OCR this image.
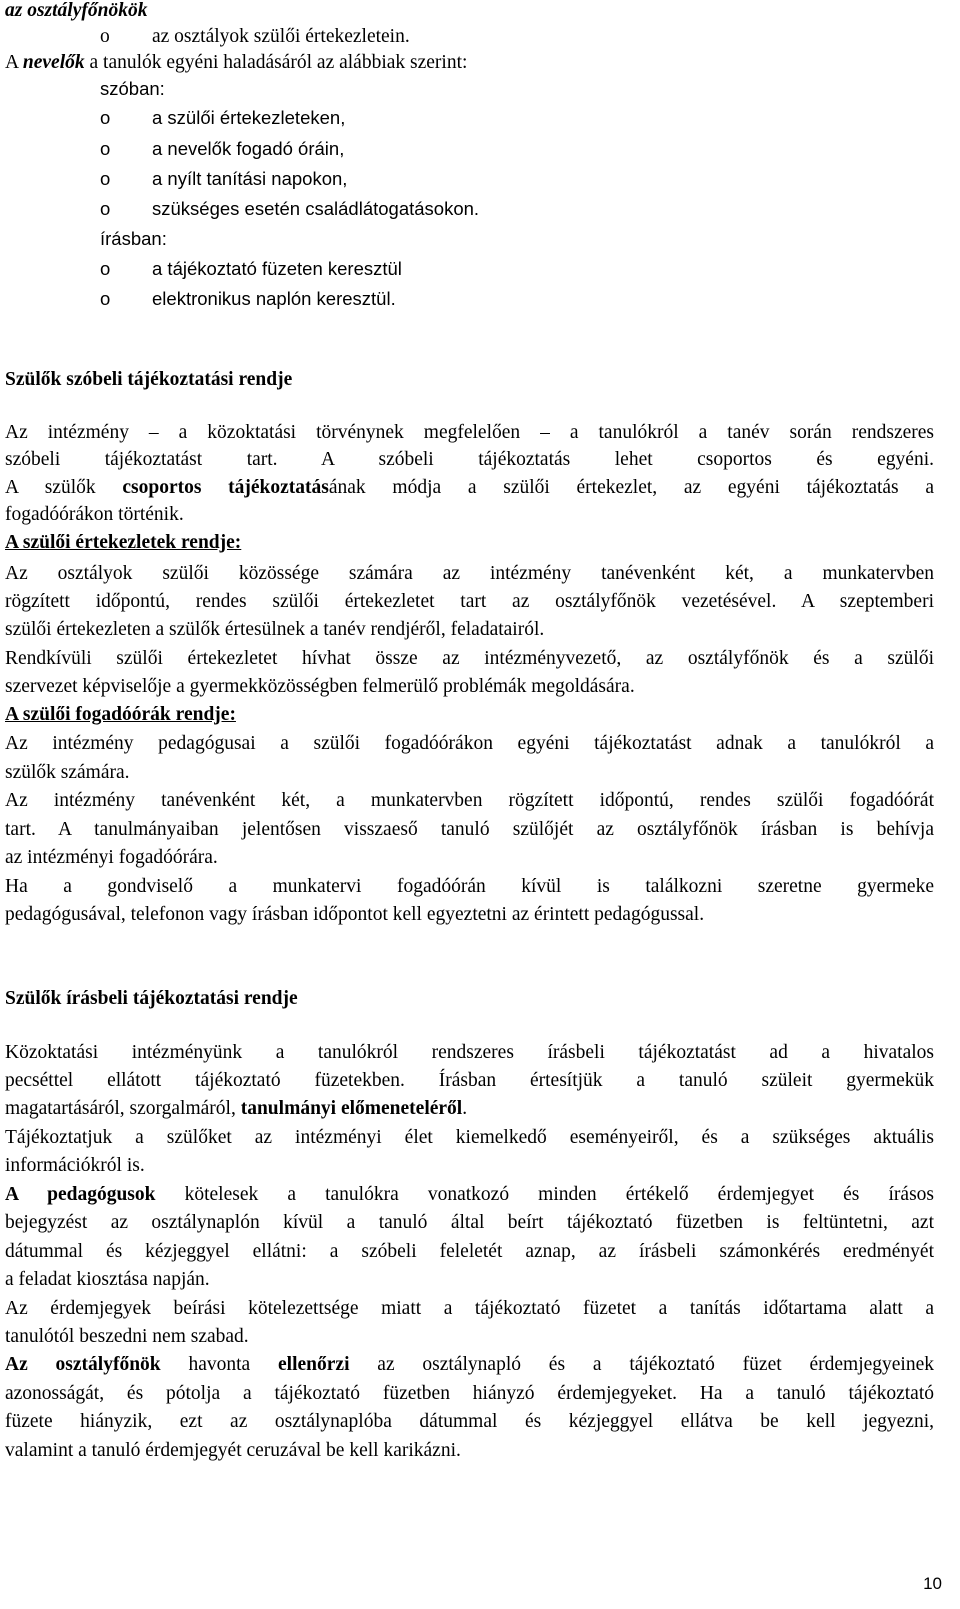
az osztályfőnökök
o az osztályok szülői értekezletein.
A nevelők a tanulók egyéni haladásáról az alábbiak szerint:
szóban:
o a szülői értekezleteken,
o a nevelők fogadó óráin,
o a nyílt tanítási napokon,
o szükséges esetén családlátogatásokon.
írásban:
o a tájékoztató füzeten keresztül
o elektronikus naplón keresztül.
Szülők szóbeli tájékoztatási rendje
Az intézmény – a közoktatási törvénynek megfelelően – a tanulókról a tanév során rendszeres
szóbeli tájékoztatást tart. A szóbeli tájékoztatás lehet csoportos és egyéni.
A szülők csoportos tájékoztatásának módja a szülői értekezlet, az egyéni tájékoztatás a
fogadóórákon történik.
A szülői értekezletek rendje:
Az osztályok szülői közössége számára az intézmény tanévenként két, a munkatervben
rögzített időpontú, rendes szülői értekezletet tart az osztályfőnök vezetésével. A szeptemberi
szülői értekezleten a szülők értesülnek a tanév rendjéről, feladatairól.
Rendkívüli szülői értekezletet hívhat össze az intézményvezető, az osztályfőnök és a szülői
szervezet képviselője a gyermekközösségben felmerülő problémák megoldására.
A szülői fogadóórák rendje:
Az intézmény pedagógusai a szülői fogadóórákon egyéni tájékoztatást adnak a tanulókról a
szülők számára.
Az intézmény tanévenként két, a munkatervben rögzített időpontú, rendes szülői fogadóórát
tart. A tanulmányaiban jelentősen visszaeső tanuló szülőjét az osztályfőnök írásban is behívja
az intézményi fogadóórára.
Ha a gondviselő a munkatervi fogadóórán kívül is találkozni szeretne gyermeke
pedagógusával, telefonon vagy írásban időpontot kell egyeztetni az érintett pedagógussal.
Szülők írásbeli tájékoztatási rendje
Közoktatási intézményünk a tanulókról rendszeres írásbeli tájékoztatást ad a hivatalos
pecséttel ellátott tájékoztató füzetekben. Írásban értesítjük a tanuló szüleit gyermekük
magatartásáról, szorgalmáról, tanulmányi előmeneteléről.
Tájékoztatjuk a szülőket az intézményi élet kiemelkedő eseményeiről, és a szükséges aktuális
információkról is.
A pedagógusok kötelesek a tanulókra vonatkozó minden értékelő érdemjegyet és írásos
bejegyzést az osztálynaplón kívül a tanuló által beírt tájékoztató füzetben is feltüntetni, azt
dátummal és kézjeggyel ellátni: a szóbeli feleletét aznap, az írásbeli számonkérés eredményét
a feladat kiosztása napján.
Az érdemjegyek beírási kötelezettsége miatt a tájékoztató füzetet a tanítás időtartama alatt a
tanulótól beszedni nem szabad.
Az osztályfőnök havonta ellenőrzi az osztálynapló és a tájékoztató füzet érdemjegyeinek
azonosságát, és pótolja a tájékoztató füzetben hiányzó érdemjegyeket. Ha a tanuló tájékoztató
füzete hiányzik, ezt az osztálynaplóba dátummal és kézjeggyel ellátva be kell jegyezni,
valamint a tanuló érdemjegyét ceruzával be kell karikázni.
10
